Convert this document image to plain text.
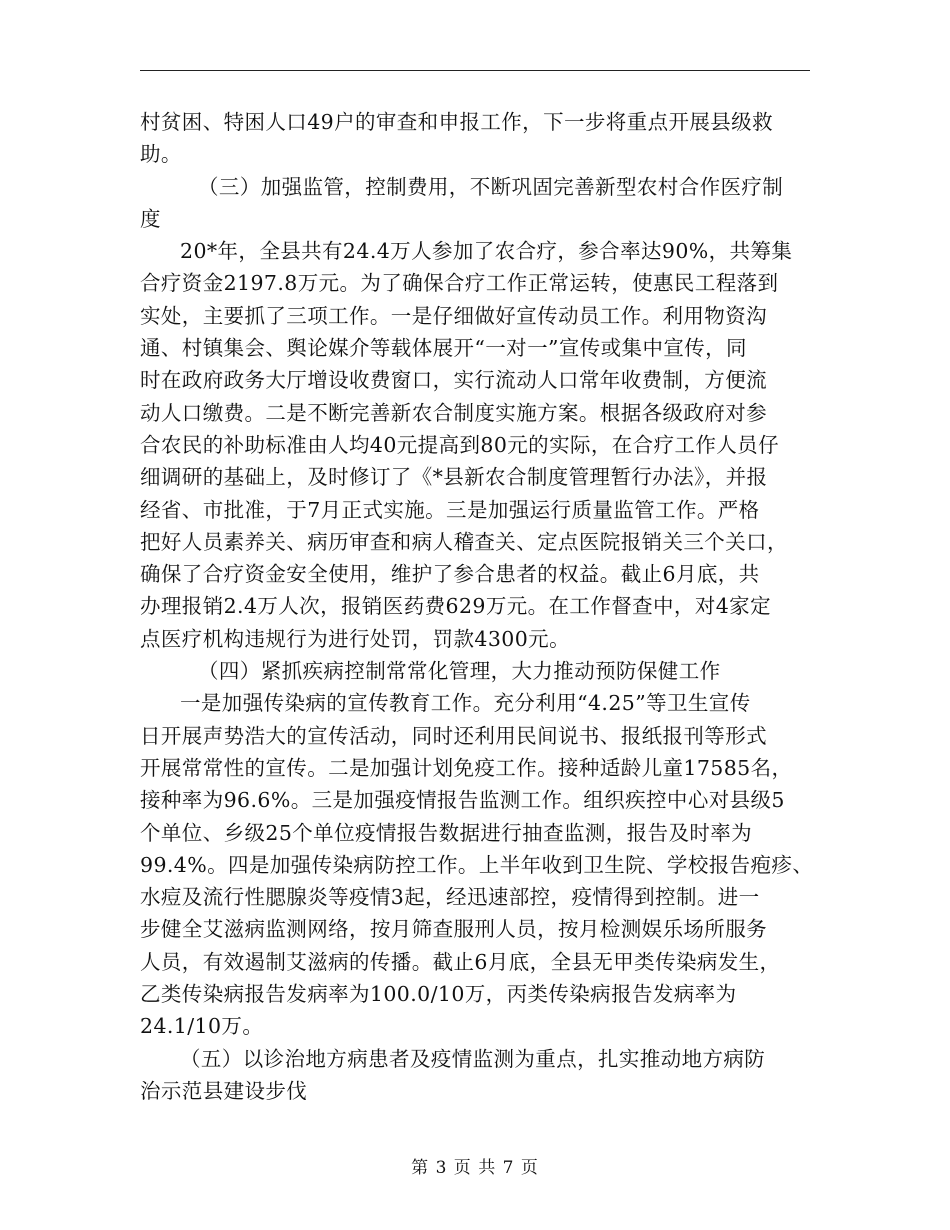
村贫困、特困人口49户的审查和申报工作，下一步将重点开展县级救
助。
（三）加强监管，控制费用，不断巩固完善新型农村合作医疗制
度
20*年，全县共有24.4万人参加了农合疗，参合率达90%，共筹集
合疗资金2197.8万元。为了确保合疗工作正常运转，使惠民工程落到
实处，主要抓了三项工作。一是仔细做好宣传动员工作。利用物资沟
通、村镇集会、舆论媒介等载体展开“一对一”宣传或集中宣传，同
时在政府政务大厅增设收费窗口，实行流动人口常年收费制，方便流
动人口缴费。二是不断完善新农合制度实施方案。根据各级政府对参
合农民的补助标准由人均40元提高到80元的实际，在合疗工作人员仔
细调研的基础上，及时修订了《*县新农合制度管理暂行办法》，并报
经省、市批准，于7月正式实施。三是加强运行质量监管工作。严格
把好人员素养关、病历审查和病人稽查关、定点医院报销关三个关口，
确保了合疗资金安全使用，维护了参合患者的权益。截止6月底，共
办理报销2.4万人次，报销医药费629万元。在工作督查中，对4家定
点医疗机构违规行为进行处罚，罚款4300元。
（四）紧抓疾病控制常常化管理，大力推动预防保健工作
一是加强传染病的宣传教育工作。充分利用“4.25”等卫生宣传
日开展声势浩大的宣传活动，同时还利用民间说书、报纸报刊等形式
开展常常性的宣传。二是加强计划免疫工作。接种适龄儿童17585名，
接种率为96.6%。三是加强疫情报告监测工作。组织疾控中心对县级5
个单位、乡级25个单位疫情报告数据进行抽查监测，报告及时率为
99.4%。四是加强传染病防控工作。上半年收到卫生院、学校报告疱疹、
水痘及流行性腮腺炎等疫情3起，经迅速部控，疫情得到控制。进一
步健全艾滋病监测网络，按月筛查服刑人员，按月检测娱乐场所服务
人员，有效遏制艾滋病的传播。截止6月底，全县无甲类传染病发生，
乙类传染病报告发病率为100.0/10万，丙类传染病报告发病率为
24.1/10万。
（五）以诊治地方病患者及疫情监测为重点，扎实推动地方病防
治示范县建设步伐
第 3 页 共 7 页
